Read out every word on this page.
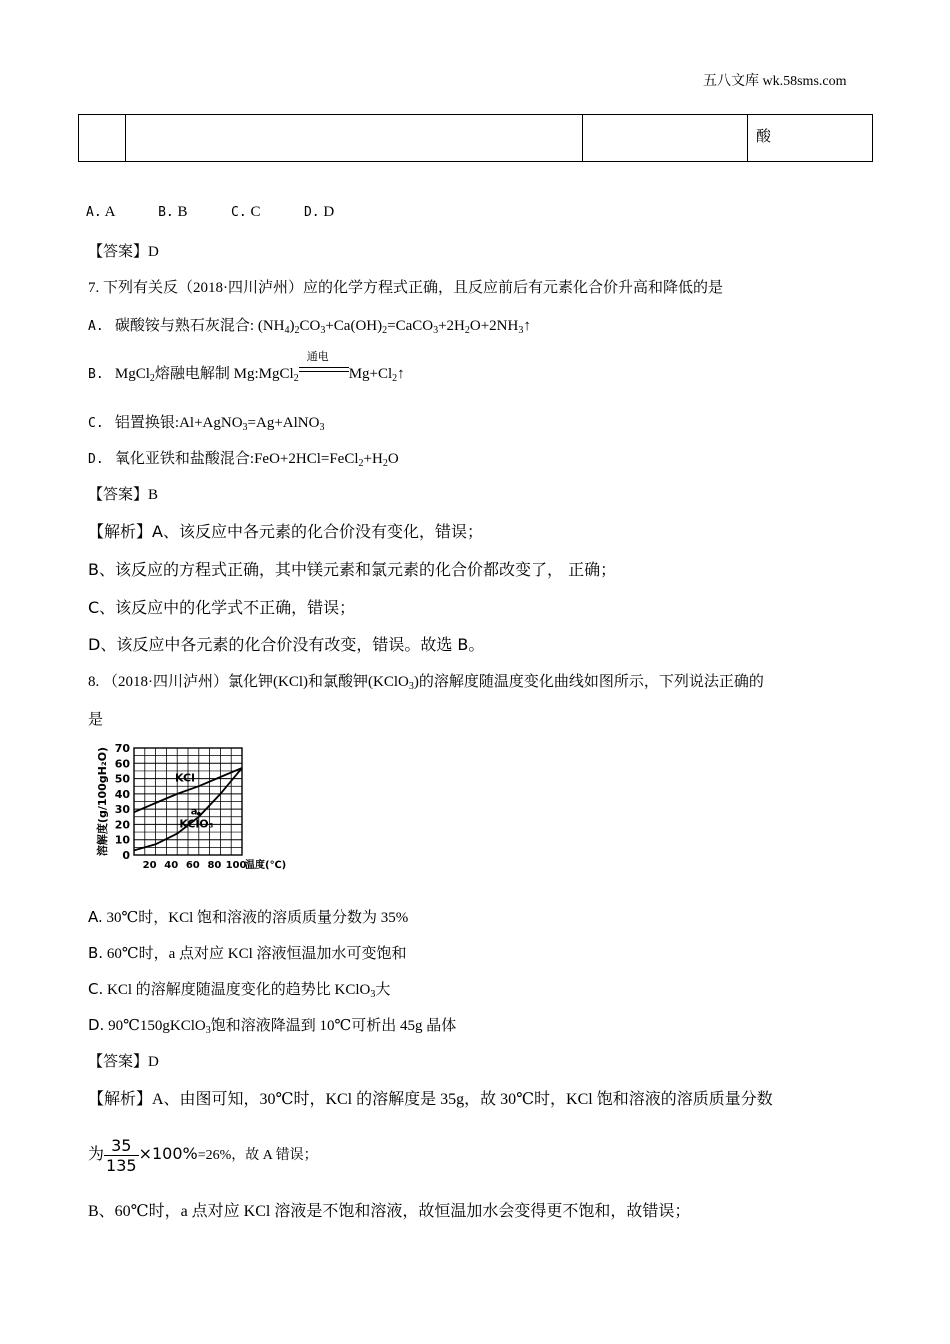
五八文库 wk.58sms.com
			酸
A. A	B. B	C. C	D. D
【答案】D
7. 下列有关反（2018·四川泸州）应的化学方程式正确，且反应前后有元素化合价升高和降低的是
A. 碳酸铵与熟石灰混合: $(NH_4)_2CO_3+Ca(OH)_2=CaCO_3+2H_2O+2NH_3↑$
B. MgCl$_2$熔融电解制 Mg:MgCl$_2$
通电
$Mg+Cl_2↑$
C. 铝置换银:Al+AgNO$_3$=Ag+AlNO$_3$
D. 氧化亚铁和盐酸混合$:FeO+2HCl=FeCl_2+H_2O$
【答案】B
【解析】A、该反应中各元素的化合价没有变化，错误；
B、该反应的方程式正确，其中镁元素和氯元素的化合价都改变了， 正确；
C、该反应中的化学式不正确，错误；
D、该反应中各元素的化合价没有改变，错误。故选 B。
8. （2018·四川泸州）氯化钾(KCl)和氯酸钾(KClO$_3$)的溶解度随温度变化曲线如图所示，下列说法正确的
是
0
10
20
30
40
50
60
70
20 40 60 80 100
温度(℃)
溶解度(g/100gH₂O)	KCl
KClO₃
a
A. 30℃时，KCl 饱和溶液的溶质质量分数为 35%
B. 60℃时，a 点对应 KCl 溶液恒温加水可变饱和
C. KCl 的溶解度随温度变化的趋势比 KClO$_3$大
D. 90℃150gKClO$_3$饱和溶液降温到 10℃可析出 45g 晶体
【答案】D
【解析】A、由图可知，30℃时，KCl 的溶解度是 35g，故 30℃时，KCl 饱和溶液的溶质质量分数
为 $\frac{35}{135} \times 100\%=26\%$，故 A 错误；
B、60℃时，a 点对应 KCl 溶液是不饱和溶液，故恒温加水会变得更不饱和，故错误；
